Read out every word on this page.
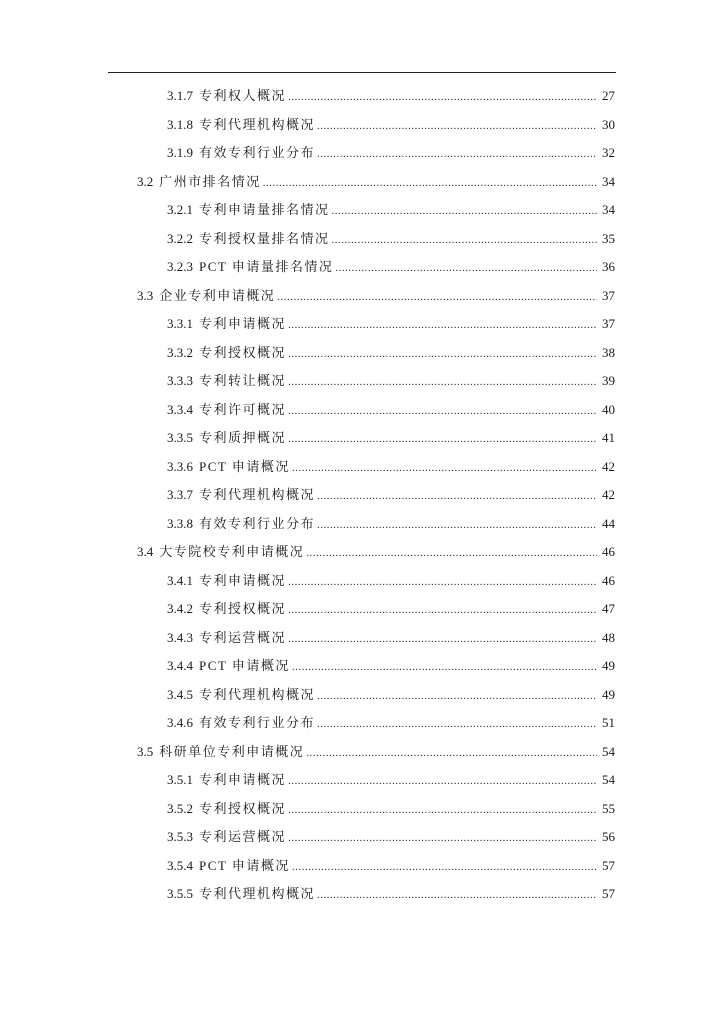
3.1.7 专利权人概况 .....	27
3.1.8 专利代理机构概况 .....	30
3.1.9 有效专利行业分布 .....	32
3.2 广州市排名情况 .....	34
3.2.1 专利申请量排名情况 .....	34
3.2.2 专利授权量排名情况 .....	35
3.2.3 PCT 申请量排名情况 .....	36
3.3 企业专利申请概况 .....	37
3.3.1 专利申请概况 .....	37
3.3.2 专利授权概况 .....	38
3.3.3 专利转让概况 .....	39
3.3.4 专利许可概况 .....	40
3.3.5 专利质押概况 .....	41
3.3.6 PCT 申请概况 .....	42
3.3.7 专利代理机构概况 .....	42
3.3.8 有效专利行业分布 .....	44
3.4 大专院校专利申请概况 .....	46
3.4.1 专利申请概况 .....	46
3.4.2 专利授权概况 .....	47
3.4.3 专利运营概况 .....	48
3.4.4 PCT 申请概况 .....	49
3.4.5 专利代理机构概况 .....	49
3.4.6 有效专利行业分布 .....	51
3.5 科研单位专利申请概况 .....	54
3.5.1 专利申请概况 .....	54
3.5.2 专利授权概况 .....	55
3.5.3 专利运营概况 .....	56
3.5.4 PCT 申请概况 .....	57
3.5.5 专利代理机构概况 .....	57
